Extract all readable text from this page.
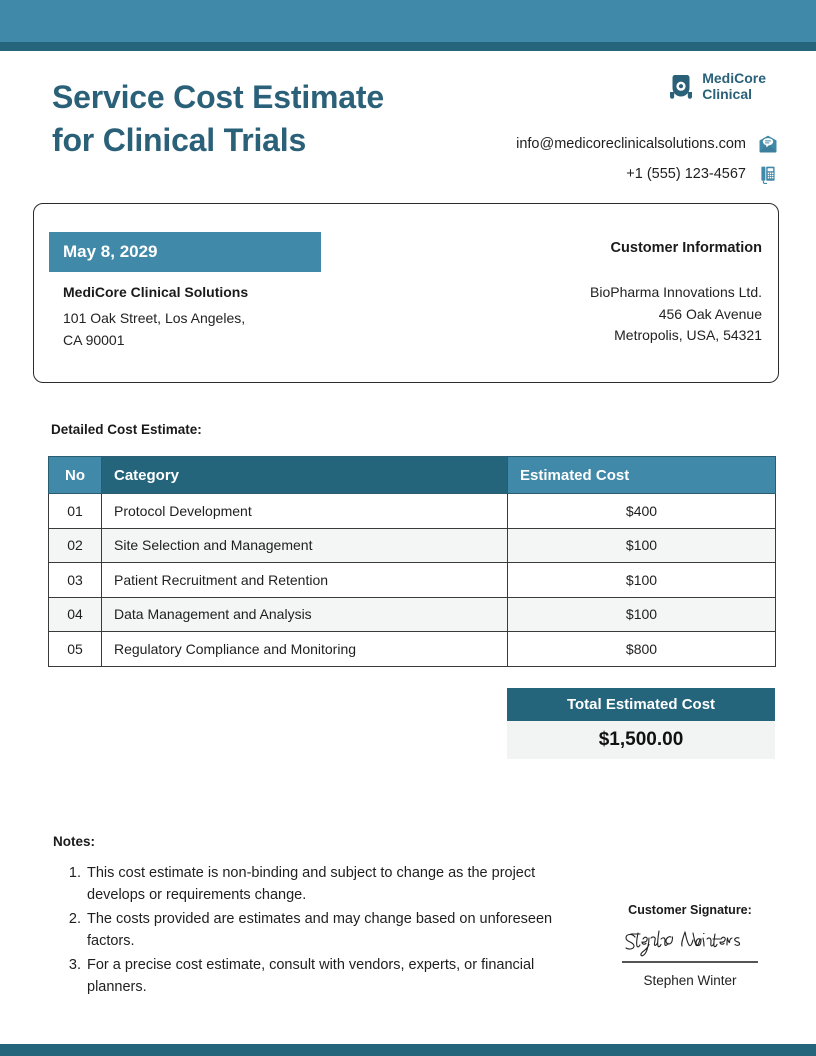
Service Cost Estimate
for Clinical Trials
MediCore
Clinical
info@medicoreclinicalsolutions.com
+1 (555) 123-4567
May 8, 2029
MediCore Clinical Solutions
101 Oak Street, Los Angeles,
CA 90001
Customer Information
BioPharma Innovations Ltd.
456 Oak Avenue
Metropolis, USA, 54321
Detailed Cost Estimate:
No	Category	Estimated Cost
01	Protocol Development	$400
02	Site Selection and Management	$100
03	Patient Recruitment and Retention	$100
04	Data Management and Analysis	$100
05	Regulatory Compliance and Monitoring	$800
Total Estimated Cost
$1,500.00
Notes:
1. This cost estimate is non-binding and subject to change as the project develops or requirements change.
2. The costs provided are estimates and may change based on unforeseen factors.
3. For a precise cost estimate, consult with vendors, experts, or financial planners.
Customer Signature:
Stephen Winter
